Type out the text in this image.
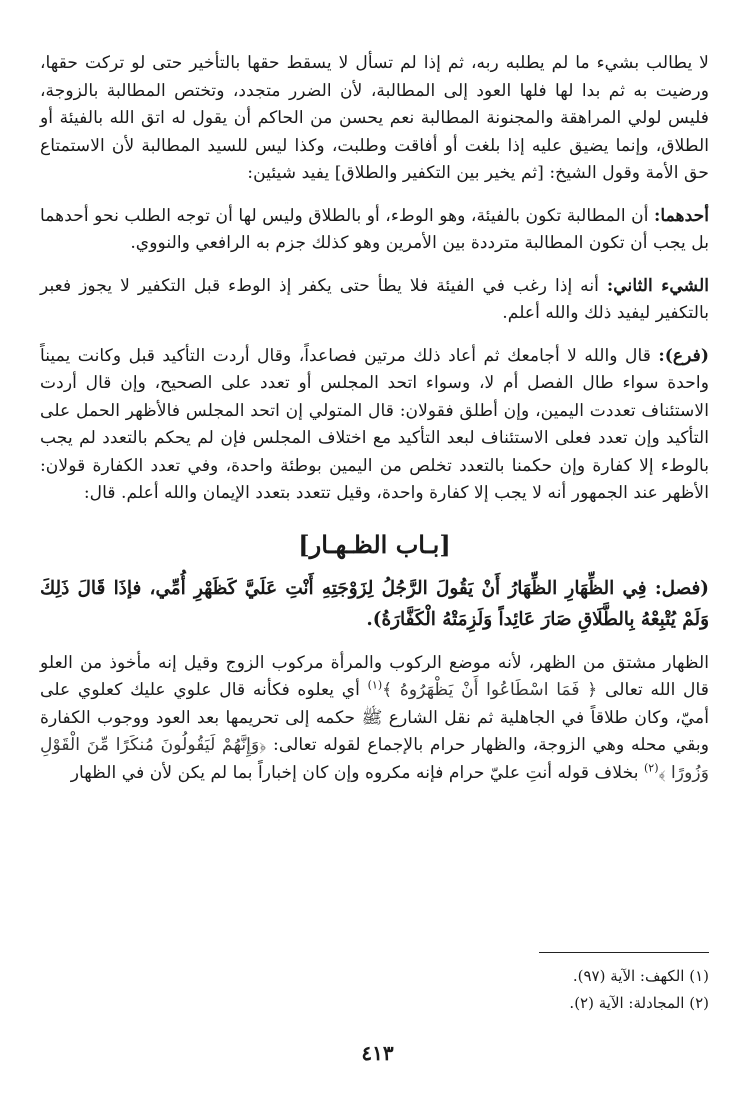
لا يطالب بشيء ما لم يطلبه ربه، ثم إذا لم تسأل لا يسقط حقها بالتأخير حتى لو تركت حقها، ورضيت به ثم بدا لها فلها العود إلى المطالبة، لأن الضرر متجدد، وتختص المطالبة بالزوجة، فليس لولي المراهقة والمجنونة المطالبة نعم يحسن من الحاكم أن يقول له اتق الله بالفيئة أو الطلاق، وإنما يضيق عليه إذا بلغت أو أفاقت وطلبت، وكذا ليس للسيد المطالبة لأن الاستمتاع حق الأمة وقول الشيخ: [ثم يخير بين التكفير والطلاق] يفيد شيئين:

أحدهما: أن المطالبة تكون بالفيئة، وهو الوطء، أو بالطلاق وليس لها أن توجه الطلب نحو أحدهما بل يجب أن تكون المطالبة مترددة بين الأمرين وهو كذلك جزم به الرافعي والنووي.

الشيء الثاني: أنه إذا رغب في الفيئة فلا يطأ حتى يكفر إذ الوطء قبل التكفير لا يجوز فعبر بالتكفير ليفيد ذلك والله أعلم.

(فرع): قال والله لا أجامعك ثم أعاد ذلك مرتين فصاعداً، وقال أردت التأكيد قبل وكانت يميناً واحدة سواء طال الفصل أم لا، وسواء اتحد المجلس أو تعدد على الصحيح، وإن قال أردت الاستئناف تعددت اليمين، وإن أطلق فقولان: قال المتولي إن اتحد المجلس فالأظهر الحمل على التأكيد وإن تعدد فعلى الاستئناف لبعد التأكيد مع اختلاف المجلس فإن لم يحكم بالتعدد لم يجب بالوطء إلا كفارة وإن حكمنا بالتعدد تخلص من اليمين بوطئة واحدة، وفي تعدد الكفارة قولان: الأظهر عند الجمهور أنه لا يجب إلا كفارة واحدة، وقيل تتعدد بتعدد الإيمان والله أعلم. قال:

[بـاب الظـهـار]

(فصل: فِي الظِّهَارِ الظِّهَارُ أَنْ يَقُولَ الرَّجُلُ لِزَوْجَتِهِ أَنْتِ عَلَيَّ كَظَهْرِ أُمِّي، فإذَا قَالَ ذَلِكَ وَلَمْ يُتْبِعْهُ بِالطَّلَاقِ صَارَ عَائِداً وَلَزِمَتْهُ الْكَفَّارَةُ).

الظهار مشتق من الظهر، لأنه موضع الركوب والمرأة مركوب الزوج وقيل إنه مأخوذ من العلو قال الله تعالى ﴿ فَمَا اسْطَاعُوا أَنْ يَظْهَرُوهُ ﴾$^{(١)}$ أي يعلوه فكأنه قال علوي عليك كعلوي على أميّ، وكان طلاقاً في الجاهلية ثم نقل الشارع ﷺ حكمه إلى تحريمها بعد العود ووجوب الكفارة وبقي محله وهي الزوجة، والظهار حرام بالإجماع لقوله تعالى: ﴿وَإِنَّهُمْ لَيَقُولُونَ مُنكَرًا مِّنَ الْقَوْلِ وَزُورًا ﴾$^{(٢)}$ بخلاف قوله أنتِ عليّ حرام فإنه مكروه وإن كان إخباراً بما لم يكن لأن في الظهار

(١) الكهف: الآية (٩٧).
(٢) المجادلة: الآية (٢).
٤١٣
